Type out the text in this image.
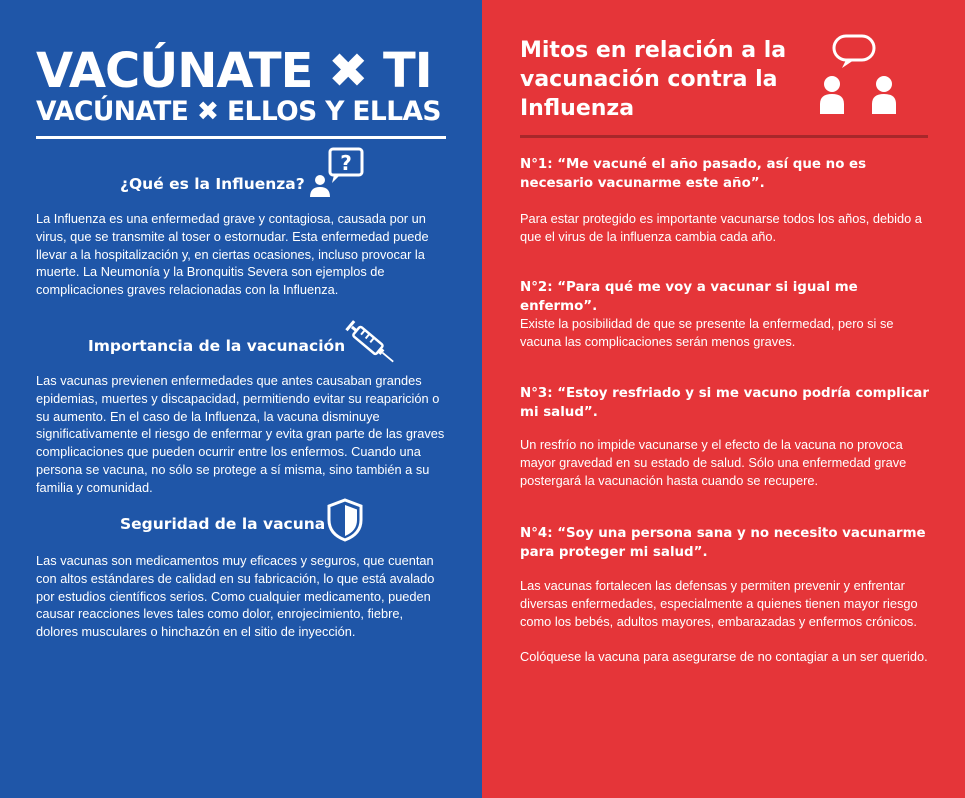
VACÚNATE ✖ TI
VACÚNATE ✖ ELLOS Y ELLAS
¿Qué es la Influenza?
?
La Influenza es una enfermedad grave y contagiosa, causada por un virus, que se transmite al toser o estornudar. Esta enfermedad puede llevar a la hospitalización y, en ciertas ocasiones, incluso provocar la muerte. La Neumonía y la Bronquitis Severa son ejemplos de complicaciones graves relacionadas con la Influenza.
Importancia de la vacunación
Las vacunas previenen enfermedades que antes causaban grandes epidemias, muertes y discapacidad, permitiendo evitar su reaparición o su aumento. En el caso de la Influenza, la vacuna disminuye significativamente el riesgo de enfermar y evita gran parte de las graves complicaciones que pueden ocurrir entre los enfermos. Cuando una persona se vacuna, no sólo se protege a sí misma, sino también a su familia y comunidad.
Seguridad de la vacuna
Las vacunas son medicamentos muy eficaces y seguros, que cuentan con altos estándares de calidad en su fabricación, lo que está avalado por estudios científicos serios. Como cualquier medicamento, pueden causar reacciones leves tales como dolor, enrojecimiento, fiebre, dolores musculares o hinchazón en el sitio de inyección.
Mitos en relación a la vacunación contra la Influenza
N°1: “Me vacuné el año pasado, así que no es necesario vacunarme este año”.
Para estar protegido es importante vacunarse todos los años, debido a que el virus de la influenza cambia cada año.
N°2: “Para qué me voy a vacunar si igual me enfermo”.
Existe la posibilidad de que se presente la enfermedad, pero si se vacuna las complicaciones serán menos graves.
N°3: “Estoy resfriado y si me vacuno podría complicar mi salud”.
Un resfrío no impide vacunarse y el efecto de la vacuna no provoca mayor gravedad en su estado de salud. Sólo una enfermedad grave postergará la vacunación hasta cuando se recupere.
N°4: “Soy una persona sana y no necesito vacunarme para proteger mi salud”.
Las vacunas fortalecen las defensas y permiten prevenir y enfrentar diversas enfermedades, especialmente a quienes tienen mayor riesgo como los bebés, adultos mayores, embarazadas y enfermos crónicos.
Colóquese la vacuna para asegurarse de no contagiar a un ser querido.
